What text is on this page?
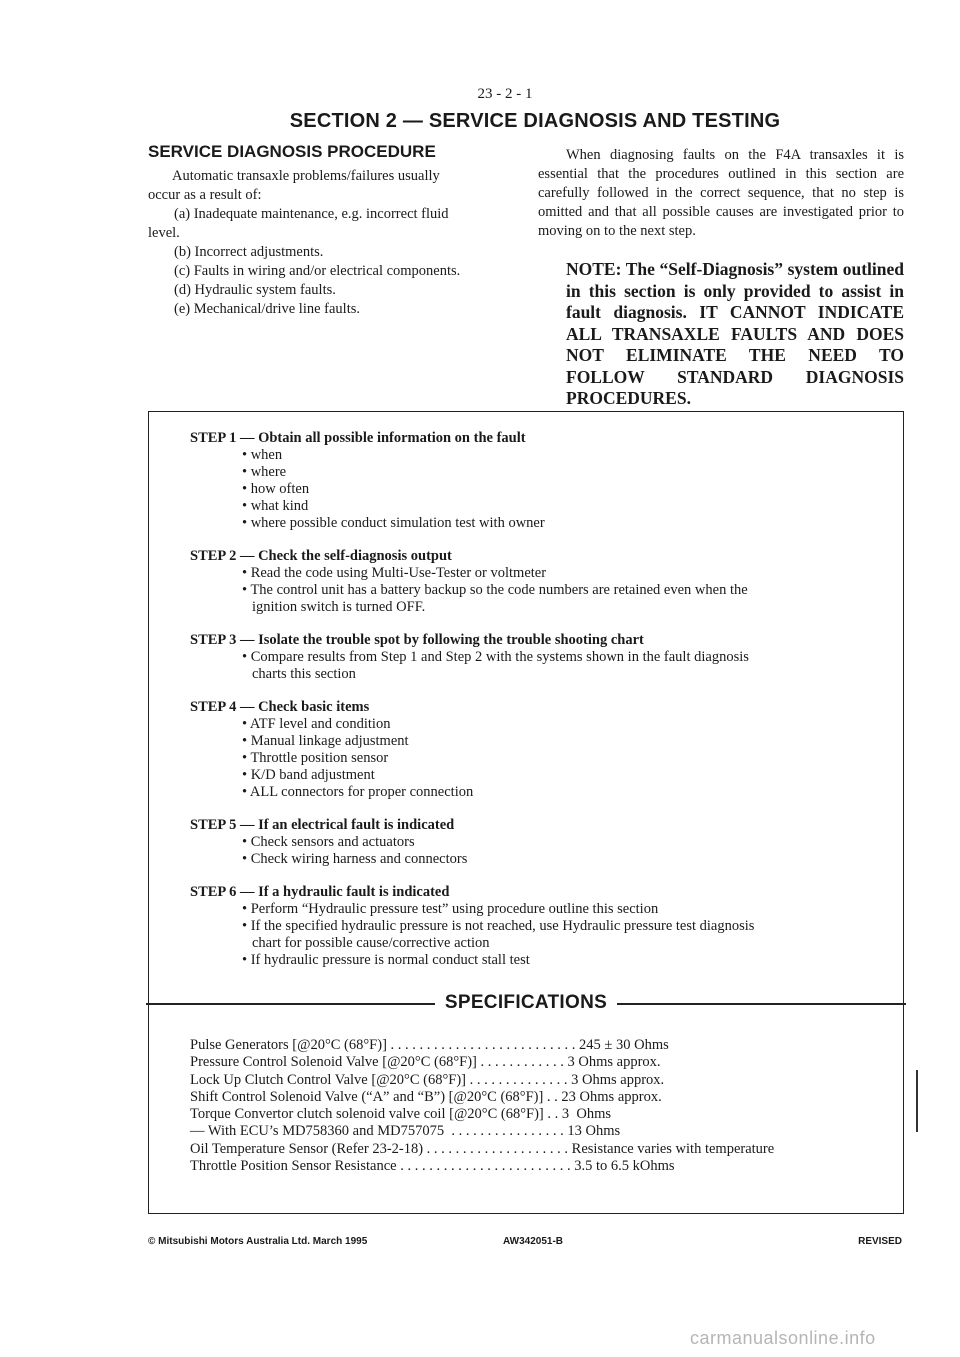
23 - 2 - 1
SECTION 2 — SERVICE DIAGNOSIS AND TESTING
SERVICE DIAGNOSIS PROCEDURE

Automatic transaxle problems/failures usually

occur as a result of:

(a) Inadequate maintenance, e.g. incorrect fluid

level.

(b) Incorrect adjustments.

(c) Faults in wiring and/or electrical components.

(d) Hydraulic system faults.

(e) Mechanical/drive line faults.

When diagnosing faults on the F4A transaxles it is essential that the procedures outlined in this section are carefully followed in the correct sequence, that no step is omitted and that all possible causes are investigated prior to moving on to the next step.

NOTE: The “Self-Diagnosis” system outlined in this section is only provided to assist in fault diagnosis. IT CANNOT INDICATE ALL TRANSAXLE FAULTS AND DOES NOT ELIMINATE THE NEED TO FOLLOW STANDARD DIAGNOSIS PROCEDURES.

STEP 1 — Obtain all possible information on the fault

• when

• where

• how often

• what kind

• where possible conduct simulation test with owner

STEP 2 — Check the self-diagnosis output

• Read the code using Multi-Use-Tester or voltmeter

• The control unit has a battery backup so the code numbers are retained even when the

ignition switch is turned OFF.

STEP 3 — Isolate the trouble spot by following the trouble shooting chart

• Compare results from Step 1 and Step 2 with the systems shown in the fault diagnosis

charts this section

STEP 4 — Check basic items

• ATF level and condition

• Manual linkage adjustment

• Throttle position sensor

• K/D band adjustment

• ALL connectors for proper connection

STEP 5 — If an electrical fault is indicated

• Check sensors and actuators

• Check wiring harness and connectors

STEP 6 — If a hydraulic fault is indicated

• Perform “Hydraulic pressure test” using procedure outline this section

• If the specified hydraulic pressure is not reached, use Hydraulic pressure test diagnosis

chart for possible cause/corrective action

• If hydraulic pressure is normal conduct stall test

SPECIFICATIONS

Pulse Generators [@20°C (68°F)] . . . . . . . . . . . . . . . . . . . . . . . . . . 245 ± 30 Ohms

Pressure Control Solenoid Valve [@20°C (68°F)] . . . . . . . . . . . . 3 Ohms approx.

Lock Up Clutch Control Valve [@20°C (68°F)] . . . . . . . . . . . . . . 3 Ohms approx.

Shift Control Solenoid Valve (“A” and “B”) [@20°C (68°F)] . . 23 Ohms approx.

Torque Convertor clutch solenoid valve coil [@20°C (68°F)] . . 3  Ohms

— With ECU’s MD758360 and MD757075  . . . . . . . . . . . . . . . . 13 Ohms

Oil Temperature Sensor (Refer 23-2-18) . . . . . . . . . . . . . . . . . . . . Resistance varies with temperature

Throttle Position Sensor Resistance . . . . . . . . . . . . . . . . . . . . . . . . 3.5 to 6.5 kOhms

© Mitsubishi Motors Australia Ltd. March 1995	AW342051-B	REVISED
carmanualsonline.info
